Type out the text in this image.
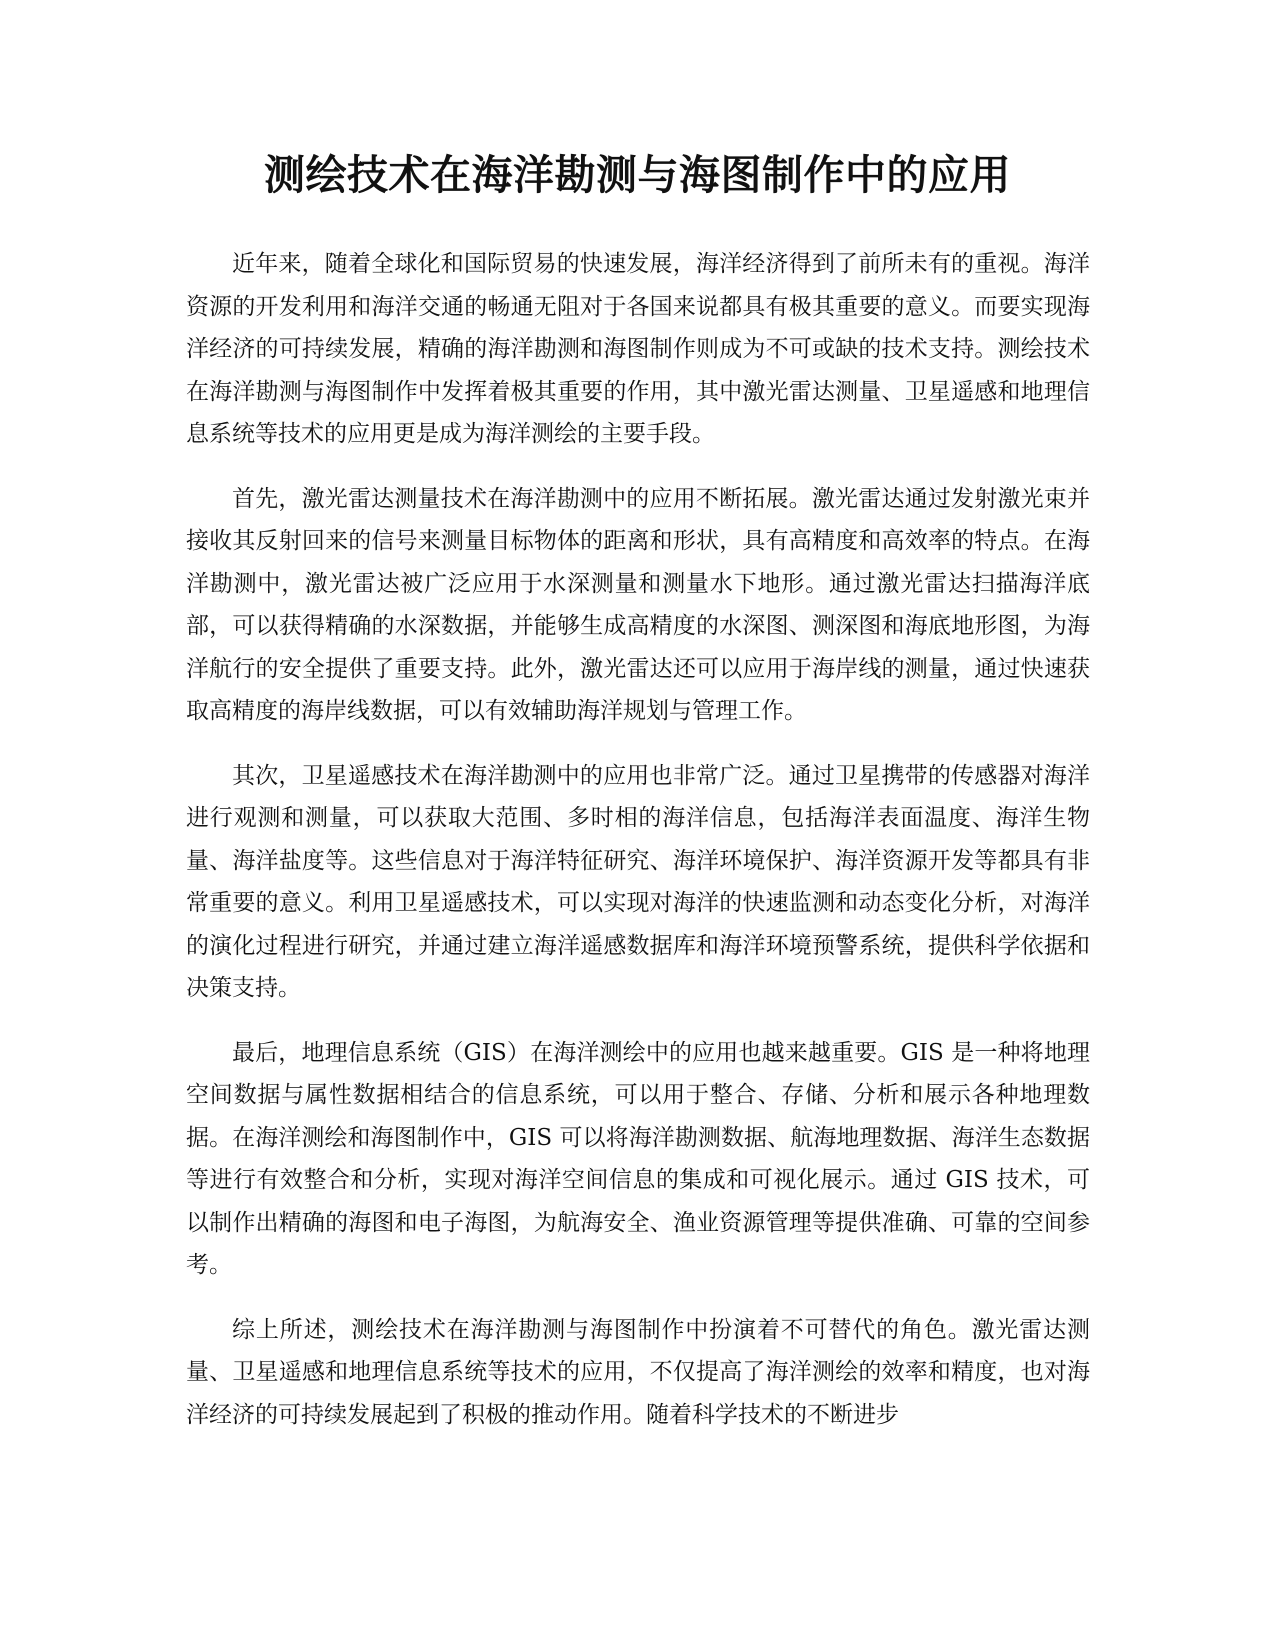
测绘技术在海洋勘测与海图制作中的应用

近年来，随着全球化和国际贸易的快速发展，海洋经济得到了前所未有的重视。海洋资源的开发利用和海洋交通的畅通无阻对于各国来说都具有极其重要的意义。而要实现海洋经济的可持续发展，精确的海洋勘测和海图制作则成为不可或缺的技术支持。测绘技术在海洋勘测与海图制作中发挥着极其重要的作用，其中激光雷达测量、卫星遥感和地理信息系统等技术的应用更是成为海洋测绘的主要手段。

首先，激光雷达测量技术在海洋勘测中的应用不断拓展。激光雷达通过发射激光束并接收其反射回来的信号来测量目标物体的距离和形状，具有高精度和高效率的特点。在海洋勘测中，激光雷达被广泛应用于水深测量和测量水下地形。通过激光雷达扫描海洋底部，可以获得精确的水深数据，并能够生成高精度的水深图、测深图和海底地形图，为海洋航行的安全提供了重要支持。此外，激光雷达还可以应用于海岸线的测量，通过快速获取高精度的海岸线数据，可以有效辅助海洋规划与管理工作。

其次，卫星遥感技术在海洋勘测中的应用也非常广泛。通过卫星携带的传感器对海洋进行观测和测量，可以获取大范围、多时相的海洋信息，包括海洋表面温度、海洋生物量、海洋盐度等。这些信息对于海洋特征研究、海洋环境保护、海洋资源开发等都具有非常重要的意义。利用卫星遥感技术，可以实现对海洋的快速监测和动态变化分析，对海洋的演化过程进行研究，并通过建立海洋遥感数据库和海洋环境预警系统，提供科学依据和决策支持。

最后，地理信息系统（GIS）在海洋测绘中的应用也越来越重要。GIS 是一种将地理空间数据与属性数据相结合的信息系统，可以用于整合、存储、分析和展示各种地理数据。在海洋测绘和海图制作中，GIS 可以将海洋勘测数据、航海地理数据、海洋生态数据等进行有效整合和分析，实现对海洋空间信息的集成和可视化展示。通过 GIS 技术，可以制作出精确的海图和电子海图，为航海安全、渔业资源管理等提供准确、可靠的空间参考。

综上所述，测绘技术在海洋勘测与海图制作中扮演着不可替代的角色。激光雷达测量、卫星遥感和地理信息系统等技术的应用，不仅提高了海洋测绘的效率和精度，也对海洋经济的可持续发展起到了积极的推动作用。随着科学技术的不断进步
